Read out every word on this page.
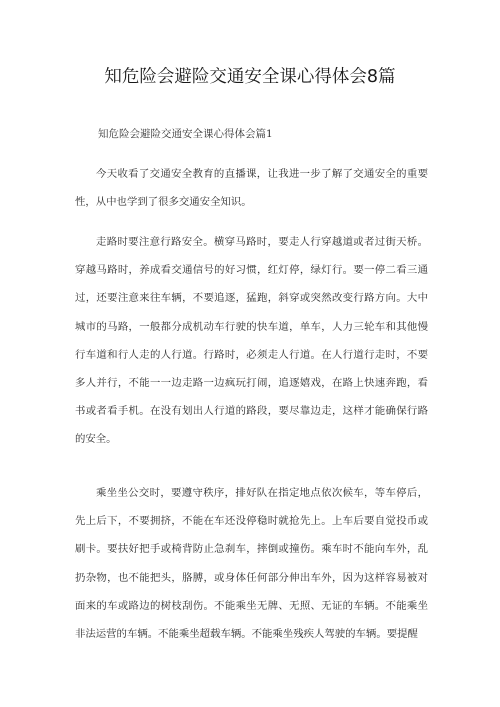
知危险会避险交通安全课心得体会8篇

知危险会避险交通安全课心得体会篇1

今天收看了交通安全教育的直播课，让我进一步了解了交通安全的重要性，从中也学到了很多交通安全知识。

走路时要注意行路安全。横穿马路时，要走人行穿越道或者过街天桥。穿越马路时，养成看交通信号的好习惯，红灯停，绿灯行。要一停二看三通过，还要注意来往车辆，不要追逐，猛跑，斜穿或突然改变行路方向。大中城市的马路，一般都分成机动车行驶的快车道，单车，人力三轮车和其他慢行车道和行人走的人行道。行路时，必须走人行道。在人行道行走时，不要多人并行，不能一一边走路一边疯玩打闹，追逐嬉戏，在路上快速奔跑，看书或者看手机。在没有划出人行道的路段，要尽靠边走，这样才能确保行路的安全。

乘坐坐公交时，要遵守秩序，排好队在指定地点依次候车，等车停后，先上后下，不要拥挤，不能在车还没停稳时就抢先上。上车后要自觉投币或刷卡。要扶好把手或椅背防止急刹车，摔倒或撞伤。乘车时不能向车外，乱扔杂物，也不能把头，胳膊，或身体任何部分伸出车外，因为这样容易被对面来的车或路边的树枝刮伤。不能乘坐无牌、无照、无证的车辆。不能乘坐非法运营的车辆。不能乘坐超载车辆。不能乘坐残疾人驾驶的车辆。要提醒
